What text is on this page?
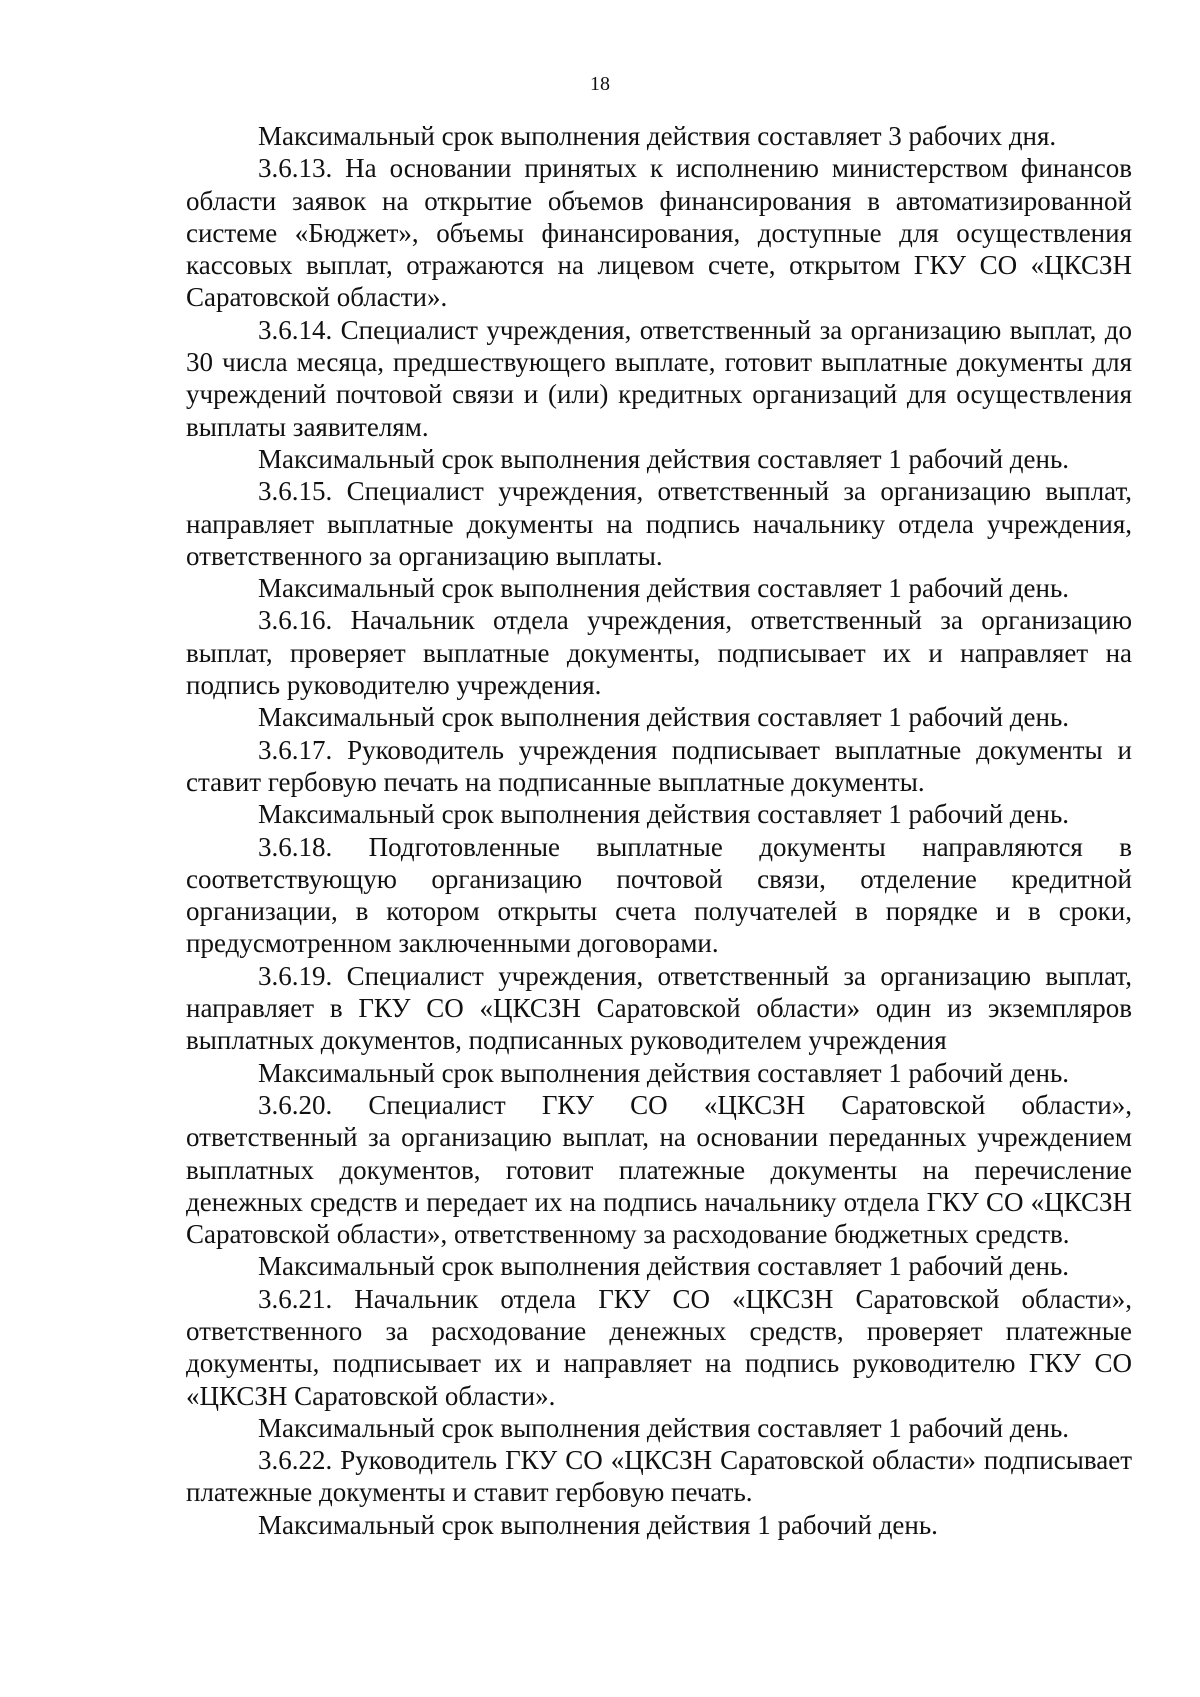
18

Максимальный срок выполнения действия составляет 3 рабочих дня.

3.6.13. На основании принятых к исполнению министерством финансов области заявок на открытие объемов финансирования в автоматизированной системе «Бюджет», объемы финансирования, доступные для осуществления кассовых выплат, отражаются на лицевом счете, открытом ГКУ СО «ЦКСЗН Саратовской области».

3.6.14. Специалист учреждения, ответственный за организацию выплат, до 30 числа месяца, предшествующего выплате, готовит выплатные документы для учреждений почтовой связи и (или) кредитных организаций для осуществления выплаты заявителям.

Максимальный срок выполнения действия составляет 1 рабочий день.

3.6.15. Специалист учреждения, ответственный за организацию выплат, направляет выплатные документы на подпись начальнику отдела учреждения, ответственного за организацию выплаты.

Максимальный срок выполнения действия составляет 1 рабочий день.

3.6.16. Начальник отдела учреждения, ответственный за организацию выплат, проверяет выплатные документы, подписывает их и направляет на подпись руководителю учреждения.

Максимальный срок выполнения действия составляет 1 рабочий день.

3.6.17. Руководитель учреждения подписывает выплатные документы и ставит гербовую печать на подписанные выплатные документы.

Максимальный срок выполнения действия составляет 1 рабочий день.

3.6.18. Подготовленные выплатные документы направляются в соответствующую организацию почтовой связи, отделение кредитной организации, в котором открыты счета получателей в порядке и в сроки, предусмотренном заключенными договорами.

3.6.19. Специалист учреждения, ответственный за организацию выплат, направляет в ГКУ СО «ЦКСЗН Саратовской области» один из экземпляров выплатных документов, подписанных руководителем учреждения

Максимальный срок выполнения действия составляет 1 рабочий день.

3.6.20. Специалист ГКУ СО «ЦКСЗН Саратовской области», ответственный за организацию выплат, на основании переданных учреждением выплатных документов, готовит платежные документы на перечисление денежных средств и передает их на подпись начальнику отдела ГКУ СО «ЦКСЗН Саратовской области», ответственному за расходование бюджетных средств.

Максимальный срок выполнения действия составляет 1 рабочий день.

3.6.21. Начальник отдела ГКУ СО «ЦКСЗН Саратовской области», ответственного за расходование денежных средств, проверяет платежные документы, подписывает их и направляет на подпись руководителю ГКУ СО «ЦКСЗН Саратовской области».

Максимальный срок выполнения действия составляет 1 рабочий день.

3.6.22. Руководитель ГКУ СО «ЦКСЗН Саратовской области» подписывает платежные документы и ставит гербовую печать.

Максимальный срок выполнения действия 1 рабочий день.
